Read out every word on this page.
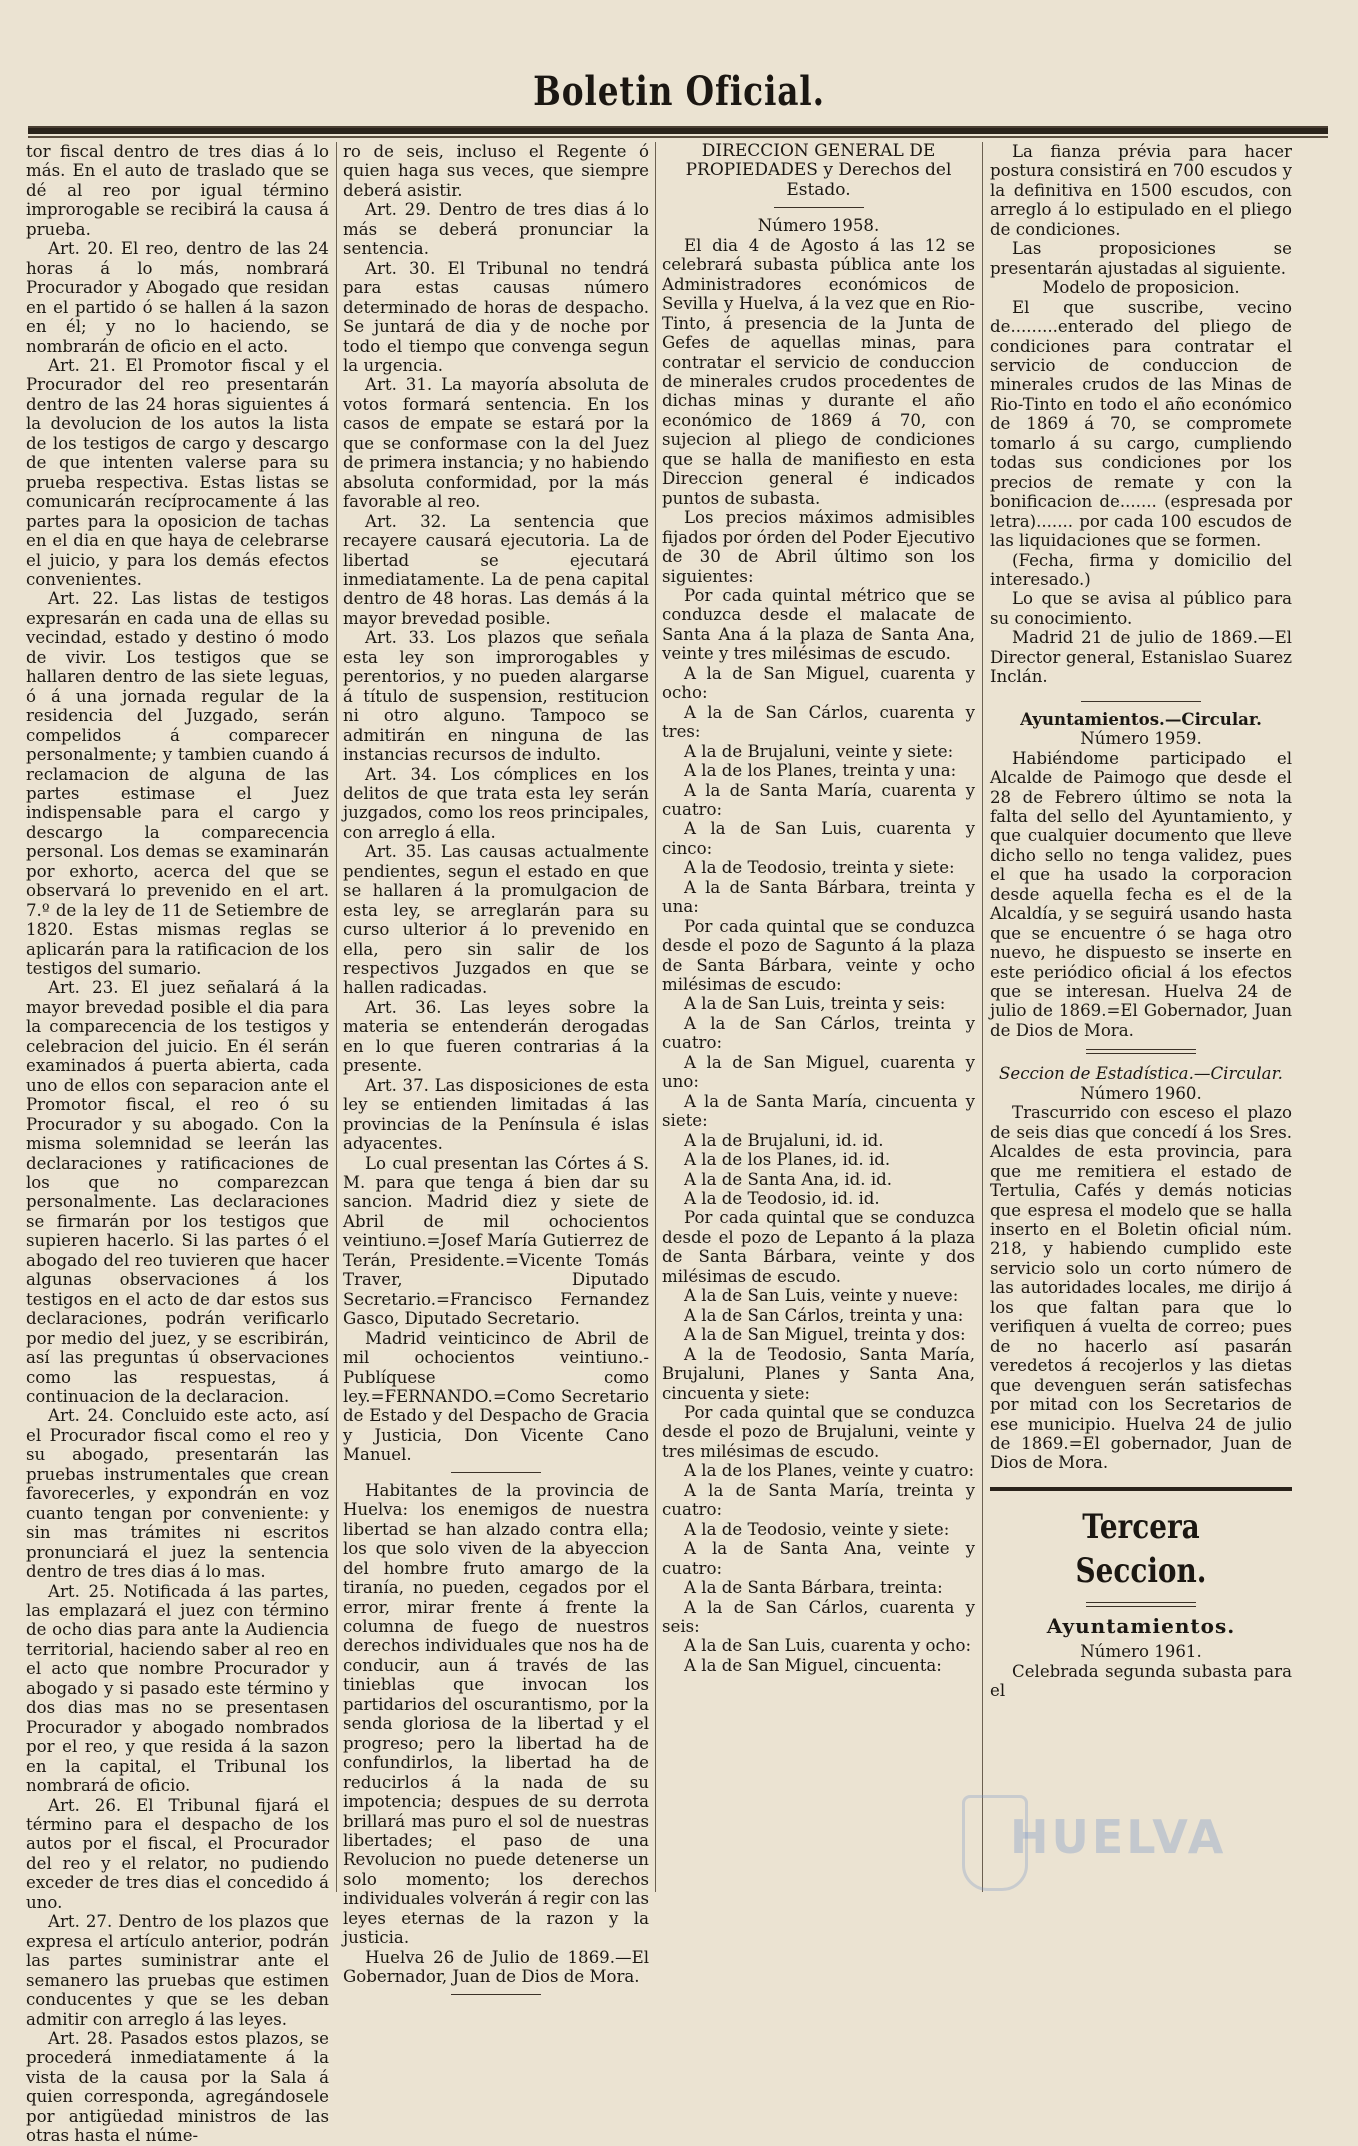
Boletin Oficial.

tor fiscal dentro de tres dias á lo más. En el auto de traslado que se dé al reo por igual término improrogable se recibirá la causa á prueba.

Art. 20. El reo, dentro de las 24 horas á lo más, nombrará Procurador y Abogado que residan en el partido ó se hallen á la sazon en él; y no lo haciendo, se nombrarán de oficio en el acto.

Art. 21. El Promotor fiscal y el Procurador del reo presentarán dentro de las 24 horas siguientes á la devolucion de los autos la lista de los testigos de cargo y descargo de que intenten valerse para su prueba respectiva. Estas listas se comunicarán recíprocamente á las partes para la oposicion de tachas en el dia en que haya de celebrarse el juicio, y para los demás efectos convenientes.

Art. 22. Las listas de testigos expresarán en cada una de ellas su vecindad, estado y destino ó modo de vivir. Los testigos que se hallaren dentro de las siete leguas, ó á una jornada regular de la residencia del Juzgado, serán compelidos á comparecer personalmente; y tambien cuando á reclamacion de alguna de las partes estimase el Juez indispensable para el cargo y descargo la comparecencia personal. Los demas se examinarán por exhorto, acerca del que se observará lo prevenido en el art. 7.º de la ley de 11 de Setiembre de 1820. Estas mismas reglas se aplicarán para la ratificacion de los testigos del sumario.

Art. 23. El juez señalará á la mayor brevedad posible el dia para la comparecencia de los testigos y celebracion del juicio. En él serán examinados á puerta abierta, cada uno de ellos con separacion ante el Promotor fiscal, el reo ó su Procurador y su abogado. Con la misma solemnidad se leerán las declaraciones y ratificaciones de los que no comparezcan personalmente. Las declaraciones se firmarán por los testigos que supieren hacerlo. Si las partes ó el abogado del reo tuvieren que hacer algunas observaciones á los testigos en el acto de dar estos sus declaraciones, podrán verificarlo por medio del juez, y se escribirán, así las preguntas ú observaciones como las respuestas, á continuacion de la declaracion.

Art. 24. Concluido este acto, así el Procurador fiscal como el reo y su abogado, presentarán las pruebas instrumentales que crean favorecerles, y expondrán en voz cuanto tengan por conveniente: y sin mas trámites ni escritos pronunciará el juez la sentencia dentro de tres dias á lo mas.

Art. 25. Notificada á las partes, las emplazará el juez con término de ocho dias para ante la Audiencia territorial, haciendo saber al reo en el acto que nombre Procurador y abogado y si pasado este término y dos dias mas no se presentasen Procurador y abogado nombrados por el reo, y que resida á la sazon en la capital, el Tribunal los nombrará de oficio.

Art. 26. El Tribunal fijará el término para el despacho de los autos por el fiscal, el Procurador del reo y el relator, no pudiendo exceder de tres dias el concedido á uno.

Art. 27. Dentro de los plazos que expresa el artículo anterior, podrán las partes suministrar ante el semanero las pruebas que estimen conducentes y que se les deban admitir con arreglo á las leyes.

Art. 28. Pasados estos plazos, se procederá inmediatamente á la vista de la causa por la Sala á quien corresponda, agregándosele por antigüedad ministros de las otras hasta el núme-

ro de seis, incluso el Regente ó quien haga sus veces, que siempre deberá asistir.

Art. 29. Dentro de tres dias á lo más se deberá pronunciar la sentencia.

Art. 30. El Tribunal no tendrá para estas causas número determinado de horas de despacho. Se juntará de dia y de noche por todo el tiempo que convenga segun la urgencia.

Art. 31. La mayoría absoluta de votos formará sentencia. En los casos de empate se estará por la que se conformase con la del Juez de primera instancia; y no habiendo absoluta conformidad, por la más favorable al reo.

Art. 32. La sentencia que recayere causará ejecutoria. La de libertad se ejecutará inmediatamente. La de pena capital dentro de 48 horas. Las demás á la mayor brevedad posible.

Art. 33. Los plazos que señala esta ley son improrogables y perentorios, y no pueden alargarse á título de suspension, restitucion ni otro alguno. Tampoco se admitirán en ninguna de las instancias recursos de indulto.

Art. 34. Los cómplices en los delitos de que trata esta ley serán juzgados, como los reos principales, con arreglo á ella.

Art. 35. Las causas actualmente pendientes, segun el estado en que se hallaren á la promulgacion de esta ley, se arreglarán para su curso ulterior á lo prevenido en ella, pero sin salir de los respectivos Juzgados en que se hallen radicadas.

Art. 36. Las leyes sobre la materia se entenderán derogadas en lo que fueren contrarias á la presente.

Art. 37. Las disposiciones de esta ley se entienden limitadas á las provincias de la Península é islas adyacentes.

Lo cual presentan las Córtes á S. M. para que tenga á bien dar su sancion. Madrid diez y siete de Abril de mil ochocientos veintiuno.=Josef María Gutierrez de Terán, Presidente.=Vicente Tomás Traver, Diputado Secretario.=Francisco Fernandez Gasco, Diputado Secretario.

Madrid veinticinco de Abril de mil ochocientos veintiuno.-Publíquese como ley.=FERNANDO.=Como Secretario de Estado y del Despacho de Gracia y Justicia, Don Vicente Cano Manuel.

Habitantes de la provincia de Huelva: los enemigos de nuestra libertad se han alzado contra ella; los que solo viven de la abyeccion del hombre fruto amargo de la tiranía, no pueden, cegados por el error, mirar frente á frente la columna de fuego de nuestros derechos individuales que nos ha de conducir, aun á través de las tinieblas que invocan los partidarios del oscurantismo, por la senda gloriosa de la libertad y el progreso; pero la libertad ha de confundirlos, la libertad ha de reducirlos á la nada de su impotencia; despues de su derrota brillará mas puro el sol de nuestras libertades; el paso de una Revolucion no puede detenerse un solo momento; los derechos individuales volverán á regir con las leyes eternas de la razon y la justicia.

Huelva 26 de Julio de 1869.—El Gobernador, Juan de Dios de Mora.

DIRECCION GENERAL DE PROPIEDADES y Derechos del Estado.

Número 1958.

El dia 4 de Agosto á las 12 se celebrará subasta pública ante los Administradores económicos de Sevilla y Huelva, á la vez que en Rio-Tinto, á presencia de la Junta de Gefes de aquellas minas, para contratar el servicio de conduccion de minerales crudos procedentes de dichas minas y durante el año económico de 1869 á 70, con sujecion al pliego de condiciones que se halla de manifiesto en esta Direccion general é indicados puntos de subasta.

Los precios máximos admisibles fijados por órden del Poder Ejecutivo de 30 de Abril último son los siguientes:

Por cada quintal métrico que se conduzca desde el malacate de Santa Ana á la plaza de Santa Ana, veinte y tres milésimas de escudo.

A la de San Miguel, cuarenta y ocho:

A la de San Cárlos, cuarenta y tres:

A la de Brujaluni, veinte y siete:

A la de los Planes, treinta y una:

A la de Santa María, cuarenta y cuatro:

A la de San Luis, cuarenta y cinco:

A la de Teodosio, treinta y siete:

A la de Santa Bárbara, treinta y una:

Por cada quintal que se conduzca desde el pozo de Sagunto á la plaza de Santa Bárbara, veinte y ocho milésimas de escudo:

A la de San Luis, treinta y seis:

A la de San Cárlos, treinta y cuatro:

A la de San Miguel, cuarenta y uno:

A la de Santa María, cincuenta y siete:

A la de Brujaluni, id. id.

A la de los Planes, id. id.

A la de Santa Ana, id. id.

A la de Teodosio, id. id.

Por cada quintal que se conduzca desde el pozo de Lepanto á la plaza de Santa Bárbara, veinte y dos milésimas de escudo.

A la de San Luis, veinte y nueve:

A la de San Cárlos, treinta y una:

A la de San Miguel, treinta y dos:

A la de Teodosio, Santa María, Brujaluni, Planes y Santa Ana, cincuenta y siete:

Por cada quintal que se conduzca desde el pozo de Brujaluni, veinte y tres milésimas de escudo.

A la de los Planes, veinte y cuatro:

A la de Santa María, treinta y cuatro:

A la de Teodosio, veinte y siete:

A la de Santa Ana, veinte y cuatro:

A la de Santa Bárbara, treinta:

A la de San Cárlos, cuarenta y seis:

A la de San Luis, cuarenta y ocho:

A la de San Miguel, cincuenta:

La fianza prévia para hacer postura consistirá en 700 escudos y la definitiva en 1500 escudos, con arreglo á lo estipulado en el pliego de condiciones.

Las proposiciones se presentarán ajustadas al siguiente.

Modelo de proposicion.

El que suscribe, vecino de.........enterado del pliego de condiciones para contratar el servicio de conduccion de minerales crudos de las Minas de Rio-Tinto en todo el año económico de 1869 á 70, se compromete tomarlo á su cargo, cumpliendo todas sus condiciones por los precios de remate y con la bonificacion de....... (espresada por letra)....... por cada 100 escudos de las liquidaciones que se formen.

(Fecha, firma y domicilio del interesado.)

Lo que se avisa al público para su conocimiento.

Madrid 21 de julio de 1869.—El Director general, Estanislao Suarez Inclán.

Ayuntamientos.—Circular.

Número 1959.

Habiéndome participado el Alcalde de Paimogo que desde el 28 de Febrero último se nota la falta del sello del Ayuntamiento, y que cualquier documento que lleve dicho sello no tenga validez, pues el que ha usado la corporacion desde aquella fecha es el de la Alcaldía, y se seguirá usando hasta que se encuentre ó se haga otro nuevo, he dispuesto se inserte en este periódico oficial á los efectos que se interesan. Huelva 24 de julio de 1869.=El Gobernador, Juan de Dios de Mora.

Seccion de Estadística.—Circular.

Número 1960.

Trascurrido con esceso el plazo de seis dias que concedí á los Sres. Alcaldes de esta provincia, para que me remitiera el estado de Tertulia, Cafés y demás noticias que espresa el modelo que se halla inserto en el Boletin oficial núm. 218, y habiendo cumplido este servicio solo un corto número de las autoridades locales, me dirijo á los que faltan para que lo verifiquen á vuelta de correo; pues de no hacerlo así pasarán veredetos á recojerlos y las dietas que devenguen serán satisfechas por mitad con los Secretarios de ese municipio. Huelva 24 de julio de 1869.=El gobernador, Juan de Dios de Mora.

Tercera Seccion.
Ayuntamientos.

Número 1961.

Celebrada segunda subasta para el

HUELVA
